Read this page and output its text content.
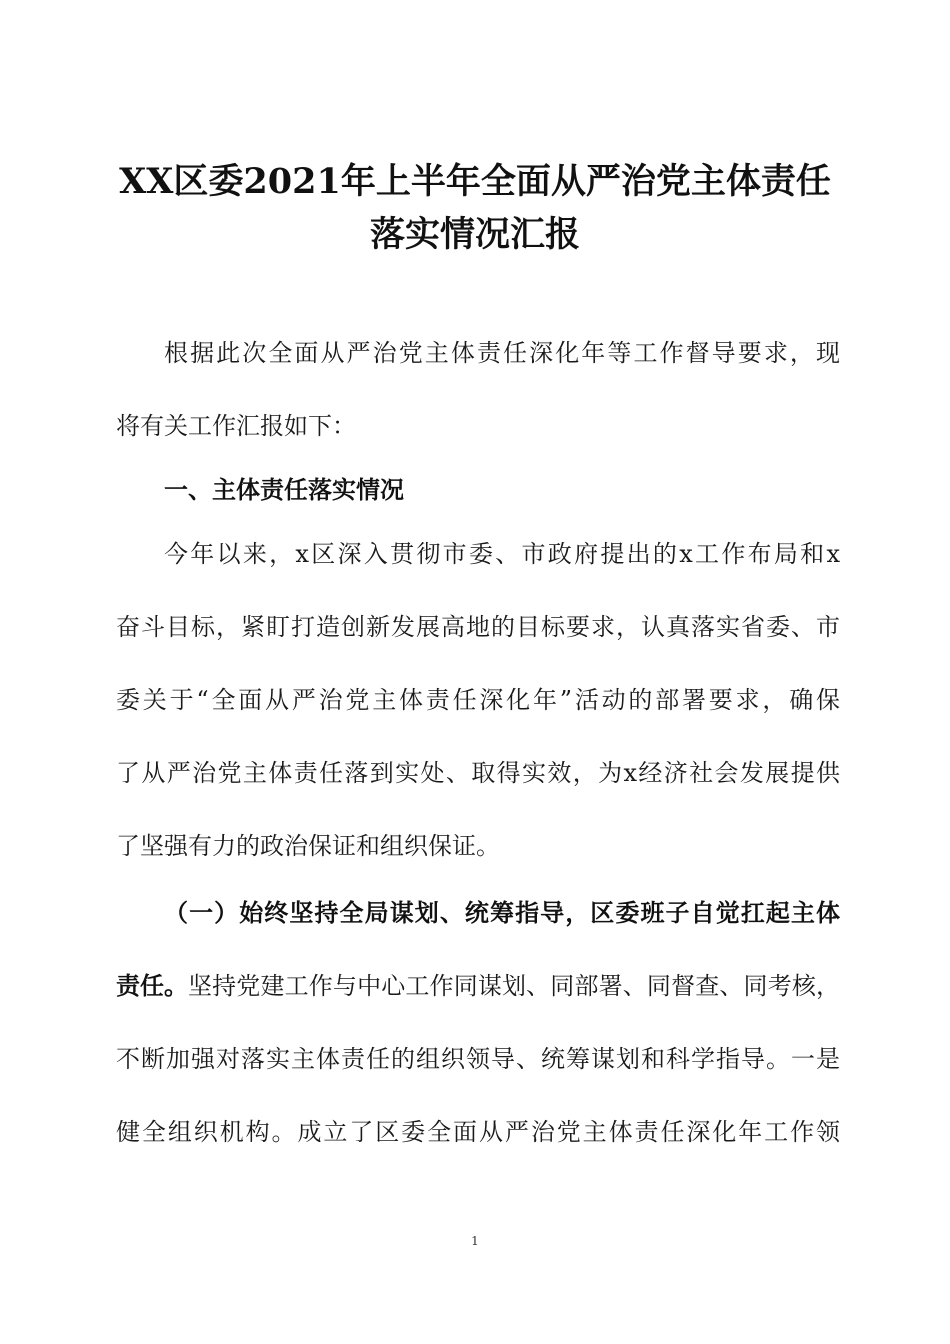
XX区委2021年上半年全面从严治党主体责任
落实情况汇报
根据此次全面从严治党主体责任深化年等工作督导要求，现
将有关工作汇报如下：
一、主体责任落实情况
今年以来，x区深入贯彻市委、市政府提出的x工作布局和x
奋斗目标，紧盯打造创新发展高地的目标要求，认真落实省委、市
委关于“全面从严治党主体责任深化年”活动的部署要求，确保
了从严治党主体责任落到实处、取得实效，为x经济社会发展提供
了坚强有力的政治保证和组织保证。
（一）始终坚持全局谋划、统筹指导，区委班子自觉扛起主体
责任。 坚持党建工作与中心工作同谋划、同部署、同督查、同考核，
不断加强对落实主体责任的组织领导、统筹谋划和科学指导。一是
健全组织机构。成立了区委全面从严治党主体责任深化年工作领
1
